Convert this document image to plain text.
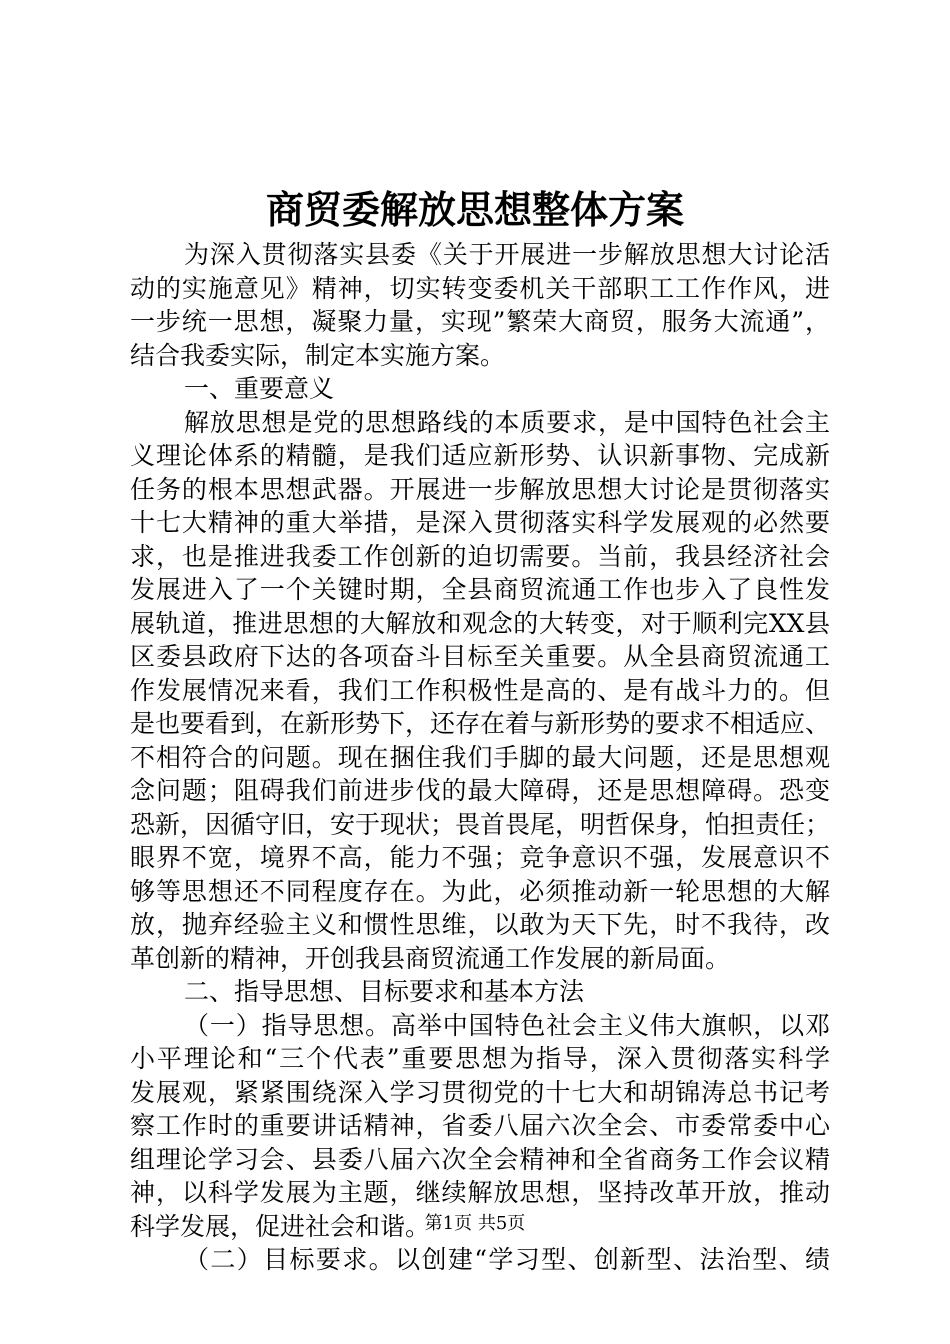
商贸委解放思想整体方案
为深入贯彻落实县委《关于开展进一步解放思想大讨论活
动的实施意见》精神，切实转变委机关干部职工工作作风，进
一步统一思想，凝聚力量，实现”繁荣大商贸，服务大流通”，
结合我委实际，制定本实施方案。
一、重要意义
解放思想是党的思想路线的本质要求，是中国特色社会主
义理论体系的精髓，是我们适应新形势、认识新事物、完成新
任务的根本思想武器。开展进一步解放思想大讨论是贯彻落实
十七大精神的重大举措，是深入贯彻落实科学发展观的必然要
求，也是推进我委工作创新的迫切需要。当前，我县经济社会
发展进入了一个关键时期，全县商贸流通工作也步入了良性发
展轨道，推进思想的大解放和观念的大转变，对于顺利完XX县
区委县政府下达的各项奋斗目标至关重要。从全县商贸流通工
作发展情况来看，我们工作积极性是高的、是有战斗力的。但
是也要看到，在新形势下，还存在着与新形势的要求不相适应、
不相符合的问题。现在捆住我们手脚的最大问题，还是思想观
念问题；阻碍我们前进步伐的最大障碍，还是思想障碍。恐变
恐新，因循守旧，安于现状；畏首畏尾，明哲保身，怕担责任；
眼界不宽，境界不高，能力不强；竞争意识不强，发展意识不
够等思想还不同程度存在。为此，必须推动新一轮思想的大解
放，抛弃经验主义和惯性思维，以敢为天下先，时不我待，改
革创新的精神，开创我县商贸流通工作发展的新局面。
二、指导思想、目标要求和基本方法
（一）指导思想。高举中国特色社会主义伟大旗帜，以邓
小平理论和“三个代表”重要思想为指导，深入贯彻落实科学
发展观，紧紧围绕深入学习贯彻党的十七大和胡锦涛总书记考
察工作时的重要讲话精神，省委八届六次全会、市委常委中心
组理论学习会、县委八届六次全会精神和全省商务工作会议精
神，以科学发展为主题，继续解放思想，坚持改革开放，推动
科学发展，促进社会和谐。
（二）目标要求。以创建“学习型、创新型、法治型、绩
第1页 共5页
